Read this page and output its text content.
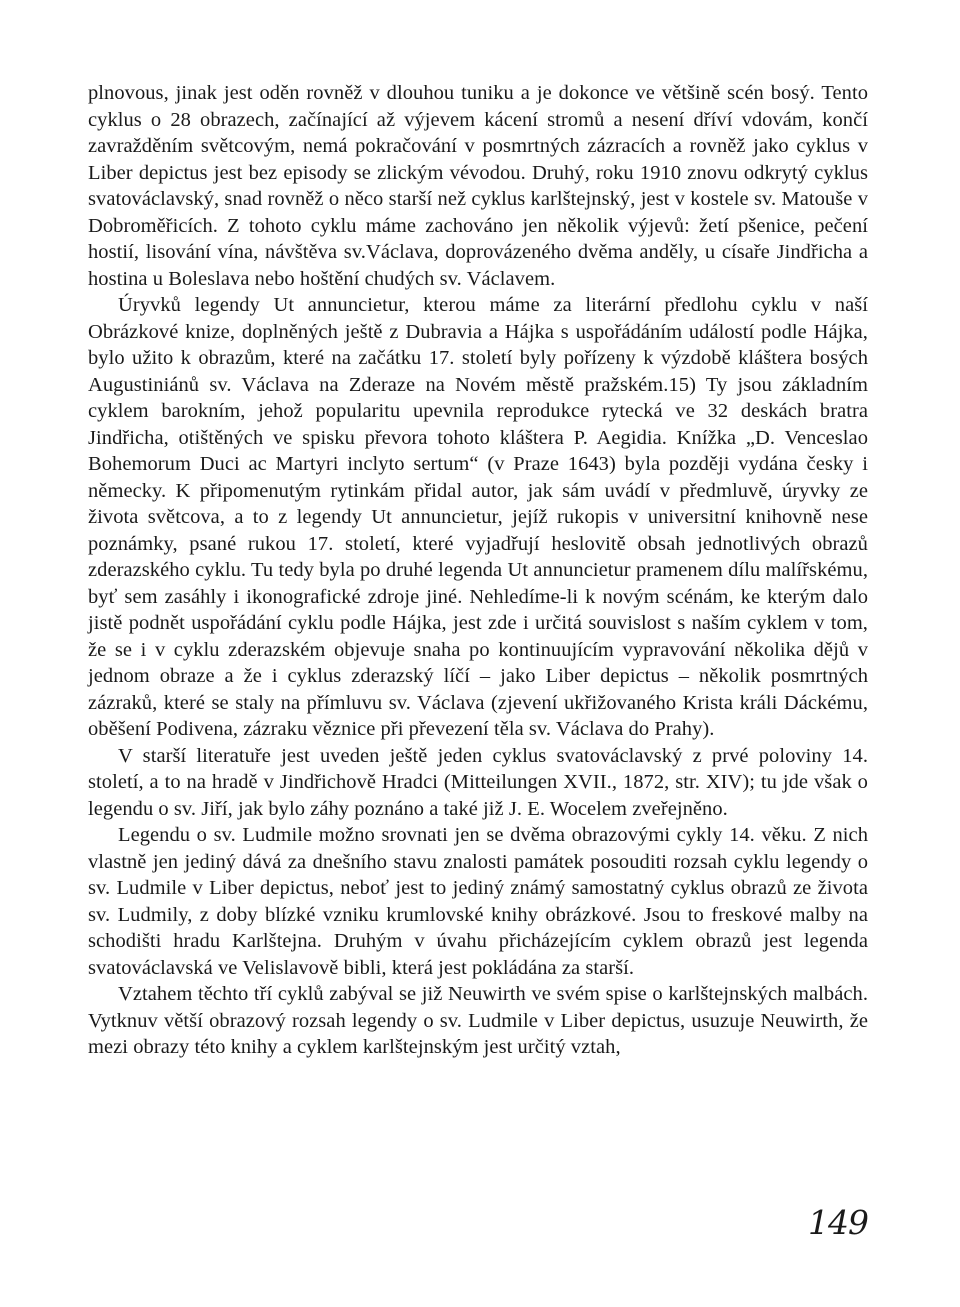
plnovous, jinak jest oděn rovněž v dlouhou tuniku a je dokonce ve většině scén bosý. Tento cyklus o 28 obrazech, začínající až výjevem kácení stromů a nesení dříví vdovám, končí zavražděním světcovým, nemá pokračování v posmrtných zázracích a rovněž jako cyklus v Liber depictus jest bez episody se zlickým vévodou. Druhý, roku 1910 znovu odkrytý cyklus svatováclavský, snad rovněž o něco starší než cyklus karlštejnský, jest v kostele sv. Matouše v Dobroměřicích. Z tohoto cyklu máme zachováno jen několik výjevů: žetí pšenice, pečení hostií, lisování vína, návštěva sv.Václava, doprovázeného dvěma anděly, u císaře Jindřicha a hostina u Boleslava nebo hoštění chudých sv. Václavem.

Úryvků legendy Ut annuncietur, kterou máme za literární předlohu cyklu v naší Obrázkové knize, doplněných ještě z Dubravia a Hájka s uspořádáním událostí podle Hájka, bylo užito k obrazům, které na začátku 17. století byly pořízeny k výzdobě kláštera bosých Augustiniánů sv. Václava na Zderaze na Novém městě pražském.15) Ty jsou základním cyklem barokním, jehož popularitu upevnila reprodukce rytecká ve 32 deskách bratra Jindřicha, otištěných ve spisku převora tohoto kláštera P. Aegidia. Knížka „D. Venceslao Bohemorum Duci ac Martyri inclyto sertum“ (v Praze 1643) byla později vydána česky i německy. K připomenutým rytinkám přidal autor, jak sám uvádí v předmluvě, úryvky ze života světcova, a to z legendy Ut annuncietur, jejíž rukopis v universitní knihovně nese poznámky, psané rukou 17. století, které vyjadřují heslovitě obsah jednotlivých obrazů zderazského cyklu. Tu tedy byla po druhé legenda Ut annuncietur pramenem dílu malířskému, byť sem zasáhly i ikonografické zdroje jiné. Nehledíme-li k novým scénám, ke kterým dalo jistě podnět uspořádání cyklu podle Hájka, jest zde i určitá souvislost s naším cyklem v tom, že se i v cyklu zderazském objevuje snaha po kontinuujícím vypravování několika dějů v jednom obraze a že i cyklus zderazský líčí – jako Liber depictus – několik posmrtných zázraků, které se staly na přímluvu sv. Václava (zjevení ukřižovaného Krista králi Dáckému, oběšení Podivena, zázraku věznice při převezení těla sv. Václava do Prahy).

V starší literatuře jest uveden ještě jeden cyklus svatováclavský z prvé poloviny 14. století, a to na hradě v Jindřichově Hradci (Mitteilungen XVII., 1872, str. XIV); tu jde však o legendu o sv. Jiří, jak bylo záhy poznáno a také již J. E. Wocelem zveřejněno.

Legendu o sv. Ludmile možno srovnati jen se dvěma obrazovými cykly 14. věku. Z nich vlastně jen jediný dává za dnešního stavu znalosti památek posouditi rozsah cyklu legendy o sv. Ludmile v Liber depictus, neboť jest to jediný známý samostatný cyklus obrazů ze života sv. Ludmily, z doby blízké vzniku krumlovské knihy obrázkové. Jsou to freskové malby na schodišti hradu Karlštejna. Druhým v úvahu přicházejícím cyklem obrazů jest legenda svatováclavská ve Velislavově bibli, která jest pokládána za starší.

Vztahem těchto tří cyklů zabýval se již Neuwirth ve svém spise o karlštejnských malbách. Vytknuv větší obrazový rozsah legendy o sv. Ludmile v Liber depictus, usuzuje Neuwirth, že mezi obrazy této knihy a cyklem karlštejnským jest určitý vztah,

149
